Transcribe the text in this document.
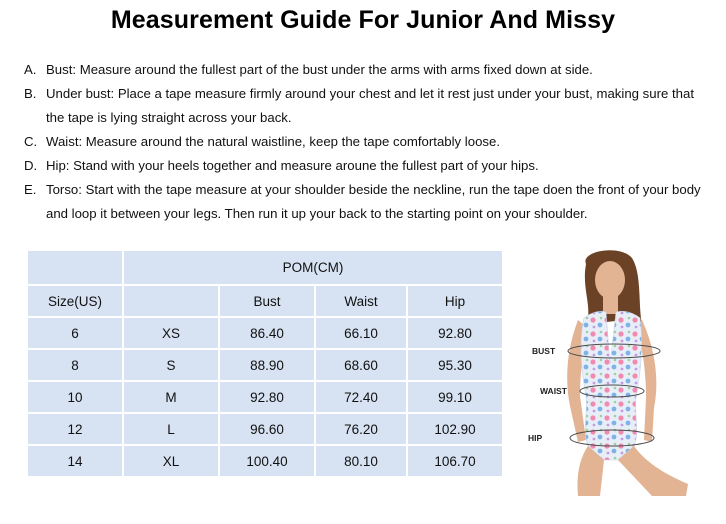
Measurement Guide For Junior And Missy
A. Bust: Measure around the fullest part of the bust under the arms with arms fixed down at side.
B. Under bust: Place a tape measure firmly around your chest and let it rest just under your bust, making sure that the tape is lying straight across your back.
C. Waist: Measure around the natural waistline, keep the tape comfortably loose.
D. Hip: Stand with your heels together and measure aroune the fullest part of your hips.
E. Torso: Start with the tape measure at your shoulder beside the neckline, run the tape doen the front of your body and loop it between your legs. Then run it up your back to the starting point on your shoulder.
	POM(CM)			
Size(US)		Bust	Waist	Hip
6	XS	86.40	66.10	92.80
8	S	88.90	68.60	95.30
10	M	92.80	72.40	99.10
12	L	96.60	76.20	102.90
14	XL	100.40	80.10	106.70
BUST
WAIST
HIP
